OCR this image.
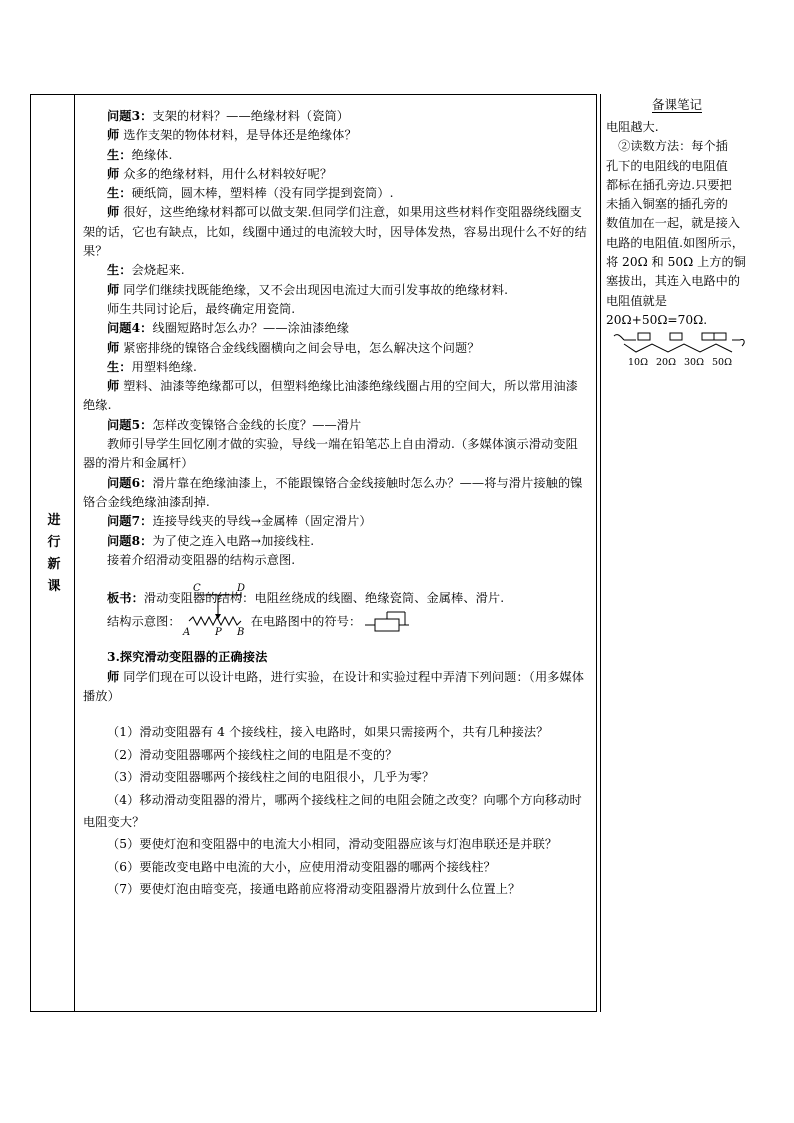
进
行
新
课

问题3：支架的材料？——绝缘材料（瓷筒）

师 选作支架的物体材料，是导体还是绝缘体？

生：绝缘体.

师 众多的绝缘材料，用什么材料较好呢？

生：硬纸筒，圆木棒，塑料棒（没有同学提到瓷筒）.

师 很好，这些绝缘材料都可以做支架.但同学们注意，如果用这些材料作变阻器绕线圈支架的话，它也有缺点，比如，线圈中通过的电流较大时，因导体发热，容易出现什么不好的结果？

生：会烧起来.

师 同学们继续找既能绝缘，又不会出现因电流过大而引发事故的绝缘材料.

师生共同讨论后，最终确定用瓷筒.

问题4：线圈短路时怎么办？——涂油漆绝缘

师 紧密排绕的镍铬合金线线圈横向之间会导电，怎么解决这个问题？

生：用塑料绝缘.

师 塑料、油漆等绝缘都可以，但塑料绝缘比油漆绝缘线圈占用的空间大，所以常用油漆绝缘.

问题5：怎样改变镍铬合金线的长度？——滑片

教师引导学生回忆刚才做的实验，导线一端在铅笔芯上自由滑动.（多媒体演示滑动变阻器的滑片和金属杆）

问题6：滑片靠在绝缘油漆上，不能跟镍铬合金线接触时怎么办？——将与滑片接触的镍铬合金线绝缘油漆刮掉.

问题7：连接导线夹的导线→金属棒（固定滑片）

问题8：为了使之连入电路→加接线柱.

接着介绍滑动变阻器的结构示意图.

板书：滑动变阻器的结构：电阻丝绕成的线圈、绝缘瓷筒、金属棒、滑片.

结构示意图：
C	D
A P B
在电路图中的符号：

3.探究滑动变阻器的正确接法

师 同学们现在可以设计电路，进行实验，在设计和实验过程中弄清下列问题：（用多媒体播放）

（1）滑动变阻器有 4 个接线柱，接入电路时，如果只需接两个，共有几种接法？

（2）滑动变阻器哪两个接线柱之间的电阻是不变的？

（3）滑动变阻器哪两个接线柱之间的电阻很小，几乎为零？

（4）移动滑动变阻器的滑片，哪两个接线柱之间的电阻会随之改变？向哪个方向移动时电阻变大？

（5）要使灯泡和变阻器中的电流大小相同，滑动变阻器应该与灯泡串联还是并联？

（6）要能改变电路中电流的大小，应使用滑动变阻器的哪两个接线柱？

（7）要使灯泡由暗变亮，接通电路前应将滑动变阻器滑片放到什么位置上？

备课笔记

电阻越大.

　②读数方法：每个插

孔下的电阻线的电阻值

都标在插孔旁边.只要把

未插入铜塞的插孔旁的

数值加在一起，就是接入

电路的电阻值.如图所示，

将 20Ω 和 50Ω 上方的铜

塞拔出，其连入电路中的

电阻值就是

20Ω+50Ω=70Ω.

10Ω 20Ω 30Ω 50Ω
